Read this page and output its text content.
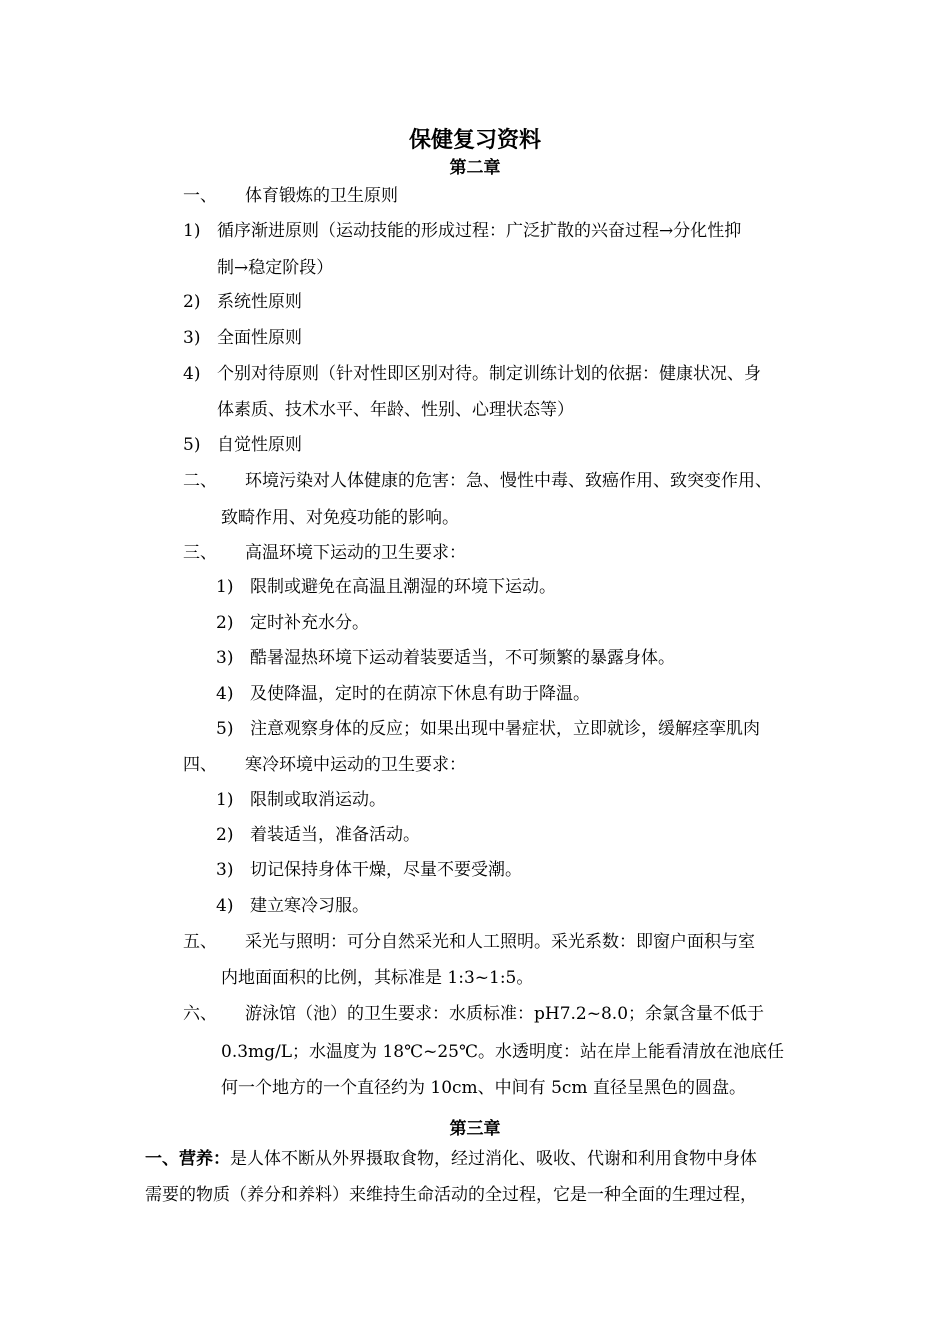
保健复习资料
第二章
一、 体育锻炼的卫生原则
1) 循序渐进原则（运动技能的形成过程：广泛扩散的兴奋过程→分化性抑
制→稳定阶段）
2) 系统性原则
3) 全面性原则
4) 个别对待原则（针对性即区别对待。制定训练计划的依据：健康状况、身
体素质、技术水平、年龄、性别、心理状态等）
5) 自觉性原则
二、 环境污染对人体健康的危害：急、慢性中毒、致癌作用、致突变作用、
致畸作用、对免疫功能的影响。
三、 高温环境下运动的卫生要求：
1) 限制或避免在高温且潮湿的环境下运动。
2) 定时补充水分。
3) 酷暑湿热环境下运动着装要适当，不可频繁的暴露身体。
4) 及使降温，定时的在荫凉下休息有助于降温。
5) 注意观察身体的反应；如果出现中暑症状，立即就诊，缓解痉挛肌肉
四、 寒冷环境中运动的卫生要求：
1) 限制或取消运动。
2) 着装适当，准备活动。
3) 切记保持身体干燥，尽量不要受潮。
4) 建立寒冷习服。
五、 采光与照明：可分自然采光和人工照明。采光系数：即窗户面积与室
内地面面积的比例，其标准是 1:3~1:5。
六、 游泳馆（池）的卫生要求：水质标准：pH7.2~8.0；余氯含量不低于
0.3mg/L；水温度为 18℃~25℃。水透明度：站在岸上能看清放在池底任
何一个地方的一个直径约为 10cm、中间有 5cm 直径呈黑色的圆盘。
第三章
一、营养：是人体不断从外界摄取食物，经过消化、吸收、代谢和利用食物中身体
需要的物质（养分和养料）来维持生命活动的全过程，它是一种全面的生理过程，
